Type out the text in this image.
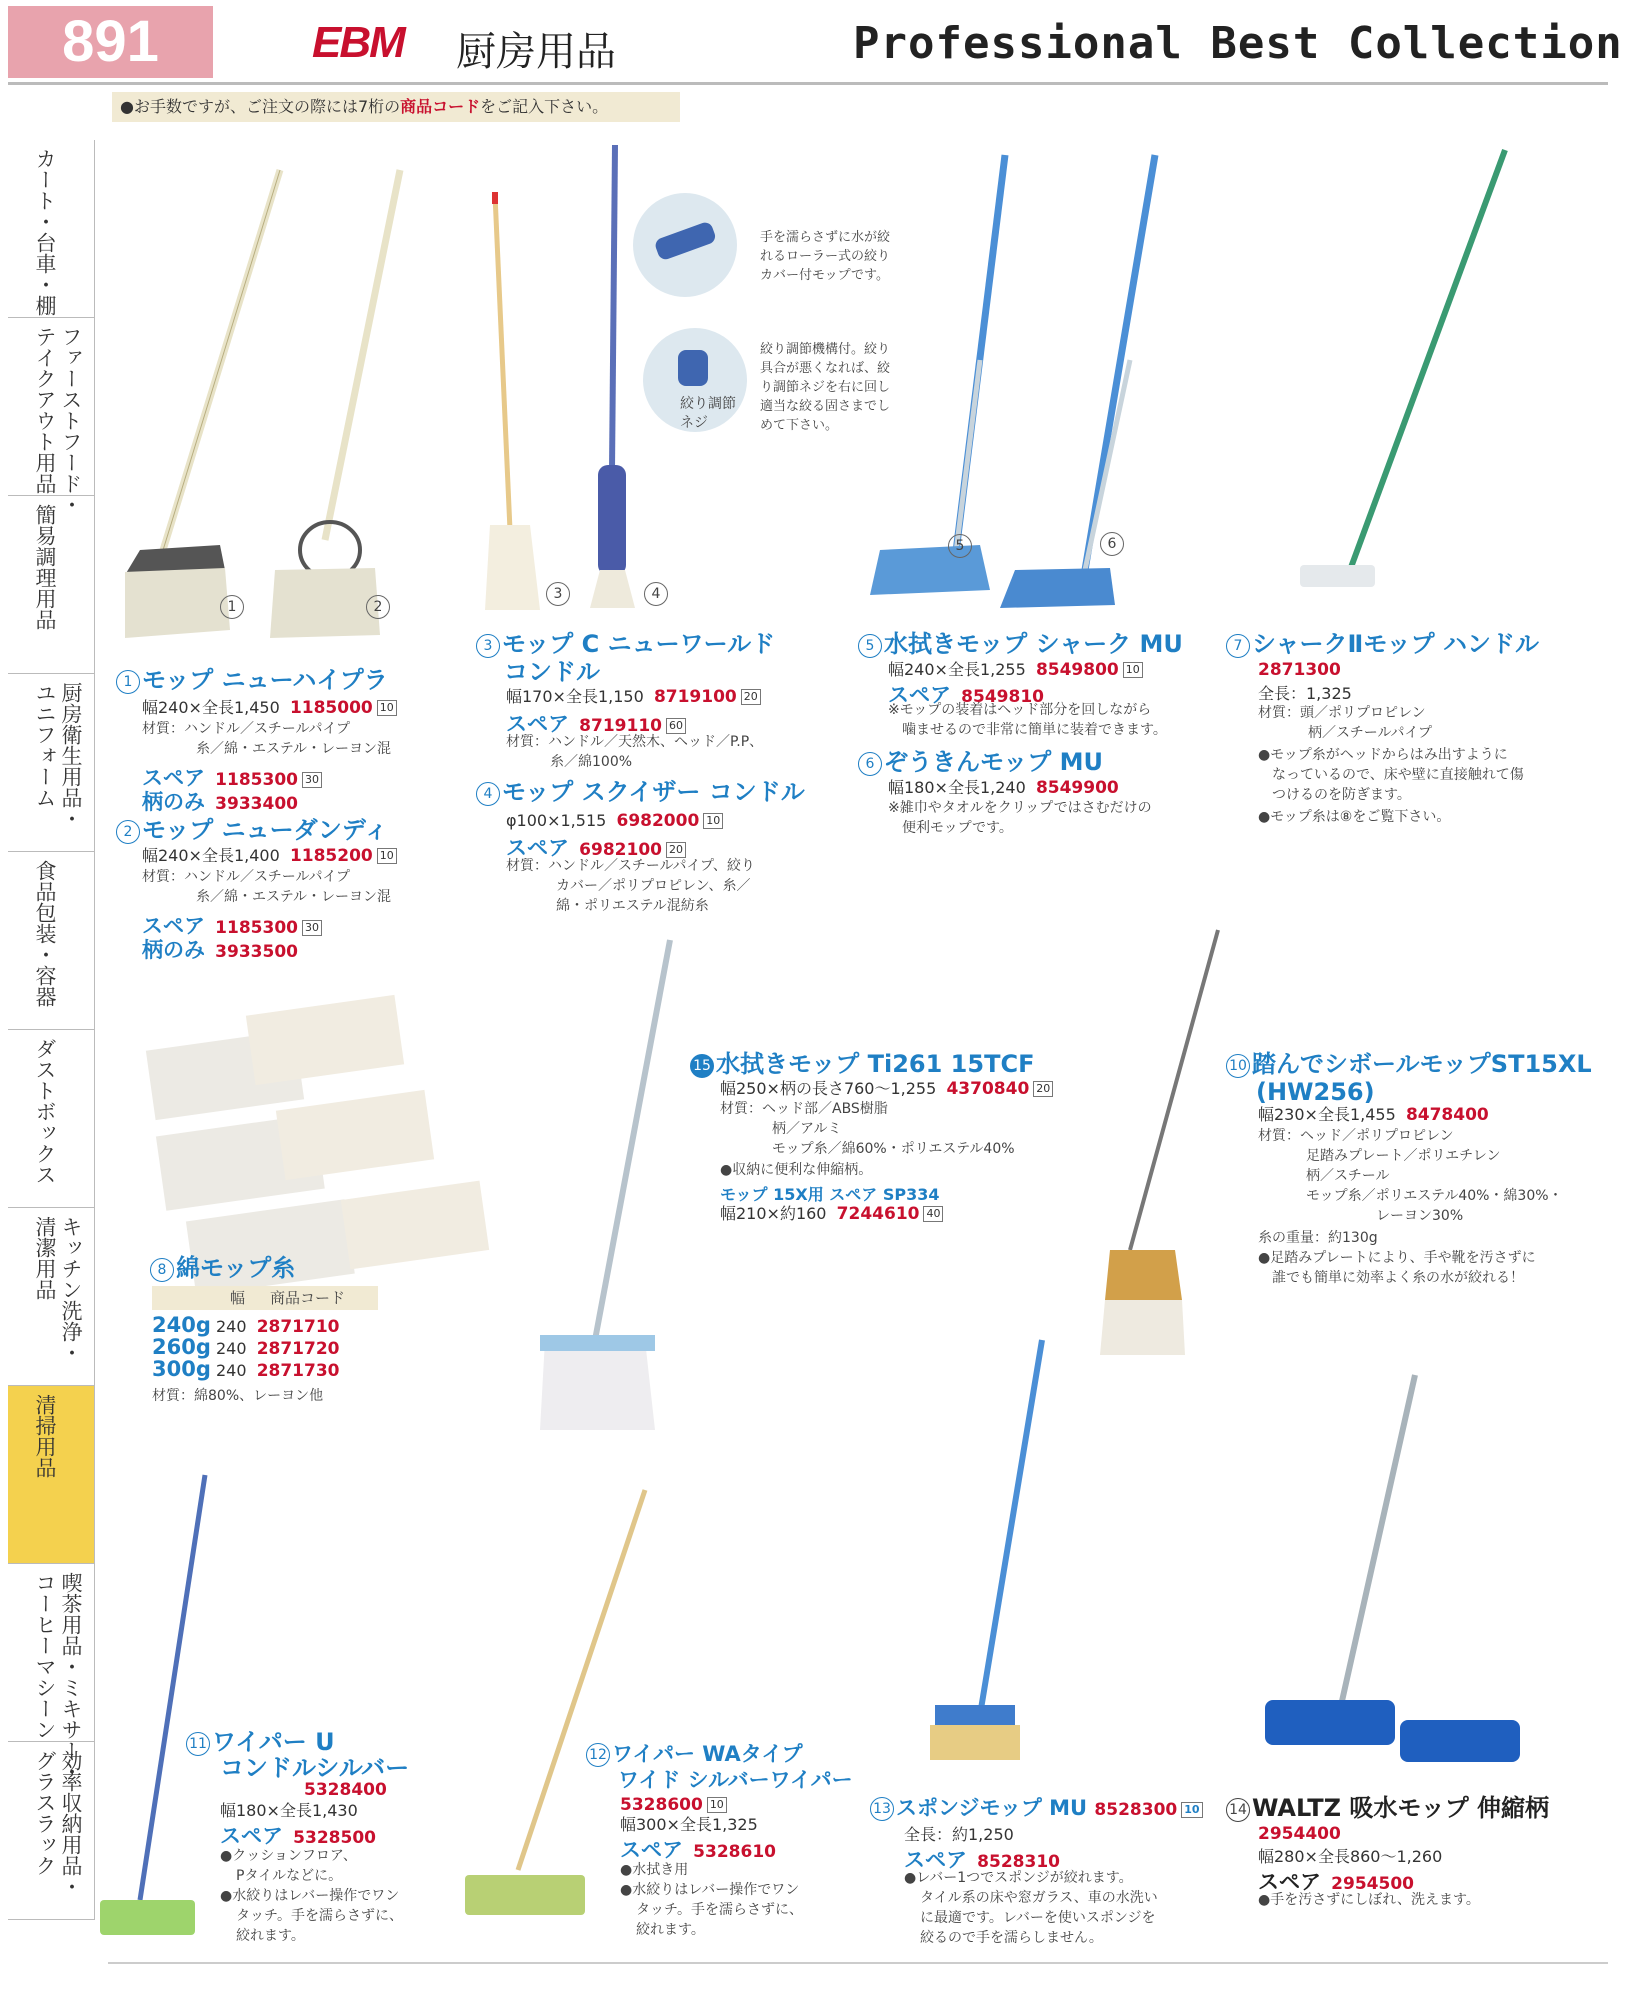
891	EBM 厨房用品	Professional Best Collection
●お手数ですが、ご注文の際には7桁の商品コードをご記入下さい。
カート・台車・棚
ファーストフード・
テイクアウト用品
簡易調理用品
厨房衛生用品・
ユニフォーム
食品包装・容器
ダストボックス
キッチン洗浄・
清潔用品
清掃用品
喫茶用品・ミキサー・
コーヒーマシーン
効率収納用品・
グラスラック
1	2
3	4
5	6
手を濡らさずに水が絞
れるローラー式の絞り
カバー付モップです。
絞り調節機構付。絞り
具合が悪くなれば、絞
り調節ネジを右に回し
適当な絞る固さまでし
めて下さい。
絞り調節
ネジ
1 モップ ニューハイプラ
幅240×全長1,450 1185000 10
材質：ハンドル／スチールパイプ
糸／綿・エステル・レーヨン混
スペア 1185300 30
柄のみ 3933400
2 モップ ニューダンディ
幅240×全長1,400 1185200 10
材質：ハンドル／スチールパイプ
糸／綿・エステル・レーヨン混
スペア 1185300 30
柄のみ 3933500
3 モップ C ニューワールド
コンドル
幅170×全長1,150 8719100 20
スペア 8719110 60
材質：ハンドル／天然木、ヘッド／P.P、
糸／綿100%
4 モップ スクイザー コンドル
φ100×1,515 6982000 10
スペア 6982100 20
材質：ハンドル／スチールパイプ、絞り
カバー／ポリプロピレン、糸／
綿・ポリエステル混紡糸
5 水拭きモップ シャーク MU
幅240×全長1,255 8549800 10
スペア 8549810
※モップの装着はヘッド部分を回しながら
噛ませるので非常に簡単に装着できます。
6 ぞうきんモップ MU
幅180×全長1,240 8549900
※雑巾やタオルをクリップではさむだけの
便利モップです。
7 シャークⅡモップ ハンドル
2871300
全長：1,325
材質：頭／ポリプロピレン
柄／スチールパイプ
●モップ糸がヘッドからはみ出すように
なっているので、床や壁に直接触れて傷
つけるのを防ぎます。
●モップ糸は⑧をご覧下さい。
8 綿モップ糸
幅 商品コード
240g 240 2871710
260g 240 2871720
300g 240 2871730
材質：綿80%、レーヨン他
15 水拭きモップ Ti261 15TCF
幅250×柄の長さ760〜1,255 4370840 20
材質：ヘッド部／ABS樹脂
柄／アルミ
モップ糸／綿60%・ポリエステル40%
●収納に便利な伸縮柄。
モップ 15X用 スペア SP334
幅210×約160 7244610 40
10 踏んでシボールモップST15XL
(HW256)
幅230×全長1,455 8478400
材質：ヘッド／ポリプロピレン
足踏みプレート／ポリエチレン
柄／スチール
モップ糸／ポリエステル40%・綿30%・
レーヨン30%
糸の重量：約130g
●足踏みプレートにより、手や靴を汚さずに
誰でも簡単に効率よく糸の水が絞れる！
11 ワイパー U
コンドルシルバー
5328400
幅180×全長1,430
スペア 5328500
●クッションフロア、
Pタイルなどに。
●水絞りはレバー操作でワン
タッチ。手を濡らさずに、
絞れます。
12 ワイパー WAタイプ
ワイド シルバーワイパー
5328600 10
幅300×全長1,325
スペア 5328610
●水拭き用
●水絞りはレバー操作でワン
タッチ。手を濡らさずに、
絞れます。
13 スポンジモップ MU 8528300 10
全長：約1,250
スペア 8528310
●レバー1つでスポンジが絞れます。
タイル系の床や窓ガラス、車の水洗い
に最適です。レバーを使いスポンジを
絞るので手を濡らしません。
14 WALTZ 吸水モップ 伸縮柄
2954400
幅280×全長860〜1,260
スペア 2954500
●手を汚さずにしぼれ、洗えます。
